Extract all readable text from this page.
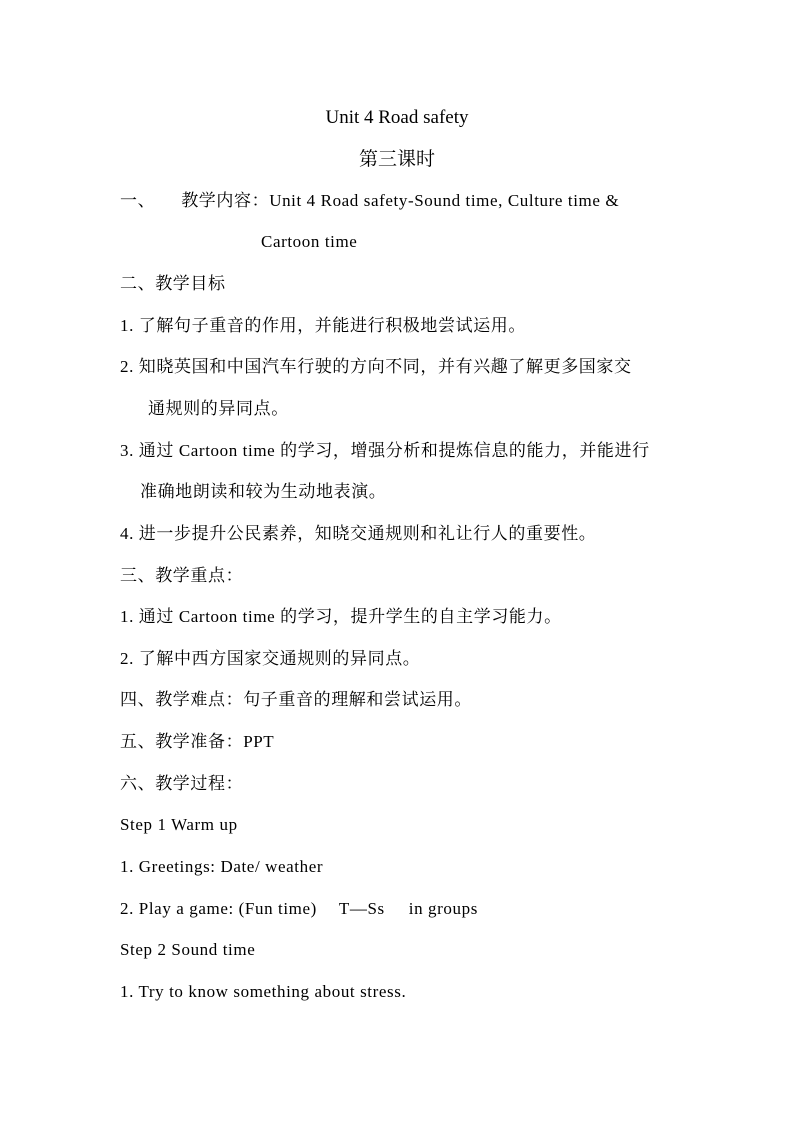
Unit 4 Road safety
第三课时
一、 教学内容：Unit 4 Road safety-Sound time, Culture time &
Cartoon time
二、教学目标
1. 了解句子重音的作用，并能进行积极地尝试运用。
2. 知晓英国和中国汽车行驶的方向不同，并有兴趣了解更多国家交
通规则的异同点。
3. 通过 Cartoon time 的学习，增强分析和提炼信息的能力，并能进行
准确地朗读和较为生动地表演。
4. 进一步提升公民素养，知晓交通规则和礼让行人的重要性。
三、教学重点：
1. 通过 Cartoon time 的学习，提升学生的自主学习能力。
2. 了解中西方国家交通规则的异同点。
四、教学难点：句子重音的理解和尝试运用。
五、教学准备：PPT
六、教学过程：
Step 1 Warm up
1. Greetings: Date/ weather
2. Play a game: (Fun time) T—Ss in groups
Step 2 Sound time
1. Try to know something about stress.
